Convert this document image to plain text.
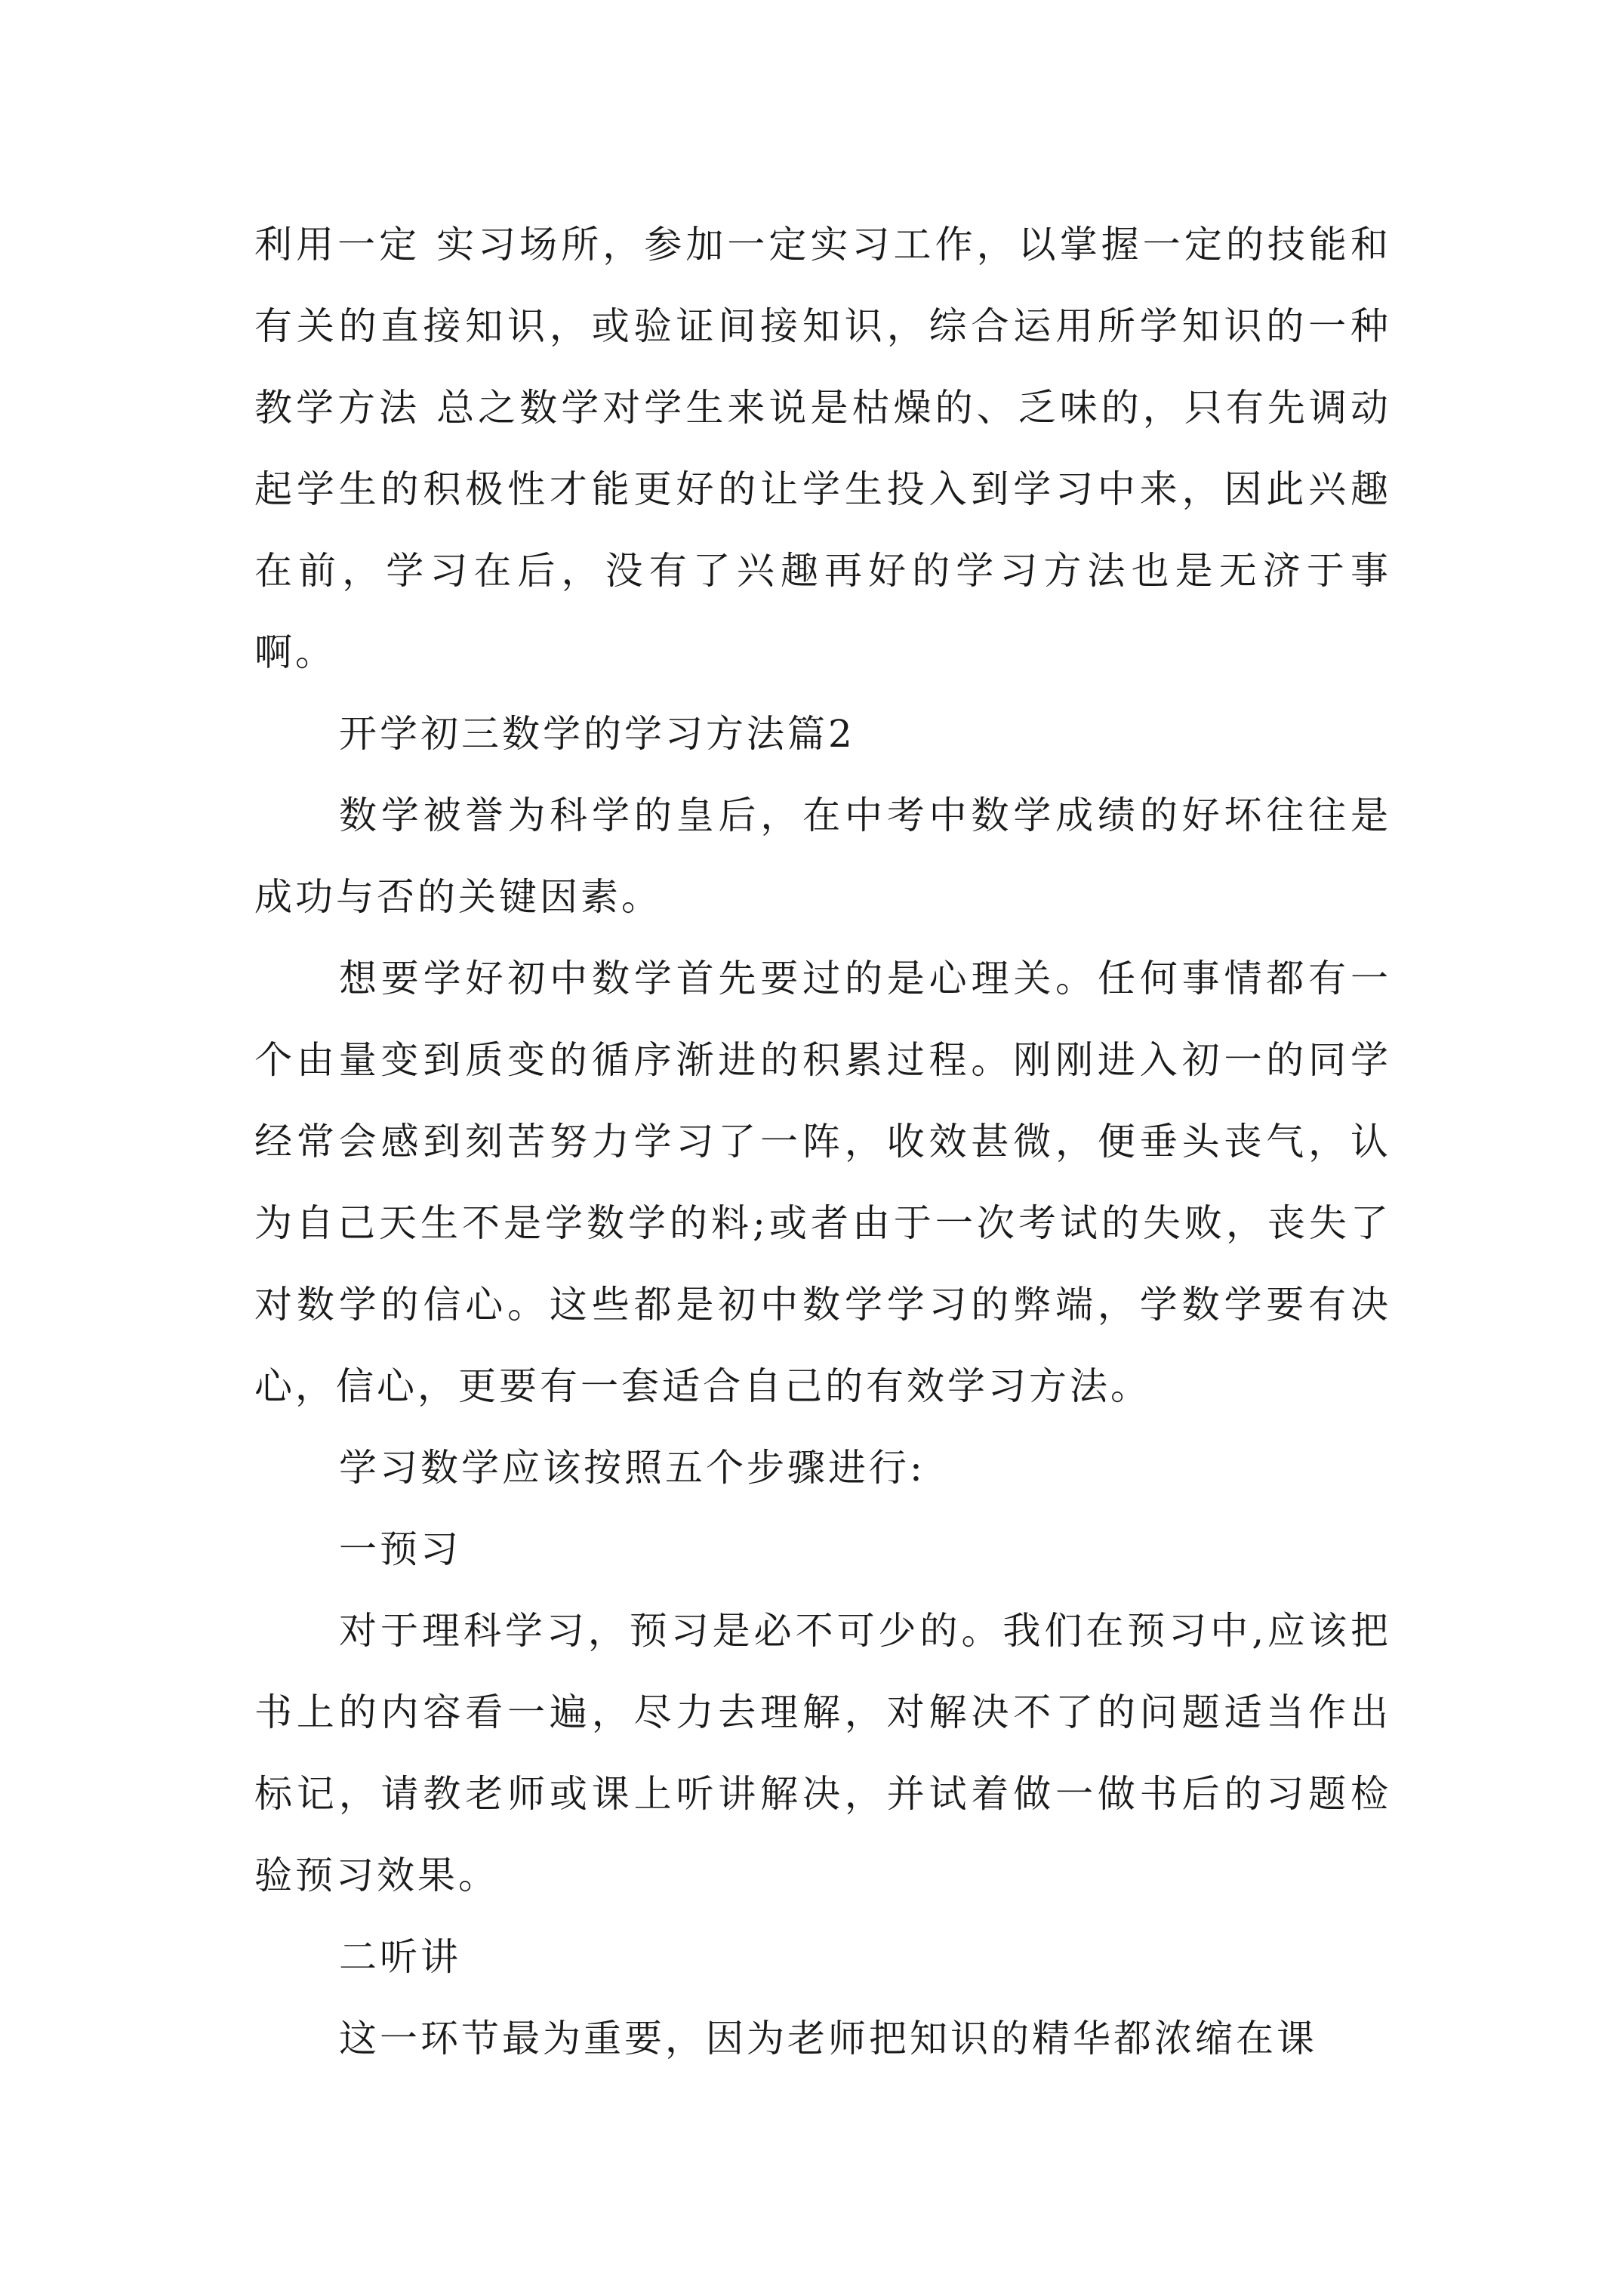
利用一定 实习场所，参加一定实习工作，以掌握一定的技能和有关的直接知识，或验证间接知识，综合运用所学知识的一种教学方法 总之数学对学生来说是枯燥的、乏味的，只有先调动起学生的积极性才能更好的让学生投入到学习中来，因此兴趣在前，学习在后，没有了兴趣再好的学习方法也是无济于事啊。

开学初三数学的学习方法篇2

数学被誉为科学的皇后，在中考中数学成绩的好坏往往是成功与否的关键因素。

想要学好初中数学首先要过的是心理关。任何事情都有一个由量变到质变的循序渐进的积累过程。刚刚进入初一的同学经常会感到刻苦努力学习了一阵，收效甚微，便垂头丧气，认为自己天生不是学数学的料;或者由于一次考试的失败，丧失了对数学的信心。这些都是初中数学学习的弊端，学数学要有决心，信心，更要有一套适合自己的有效学习方法。

学习数学应该按照五个步骤进行:

一预习

对于理科学习，预习是必不可少的。我们在预习中,应该把书上的内容看一遍，尽力去理解，对解决不了的问题适当作出标记，请教老师或课上听讲解决，并试着做一做书后的习题检验预习效果。

二听讲

这一环节最为重要，因为老师把知识的精华都浓缩在课
